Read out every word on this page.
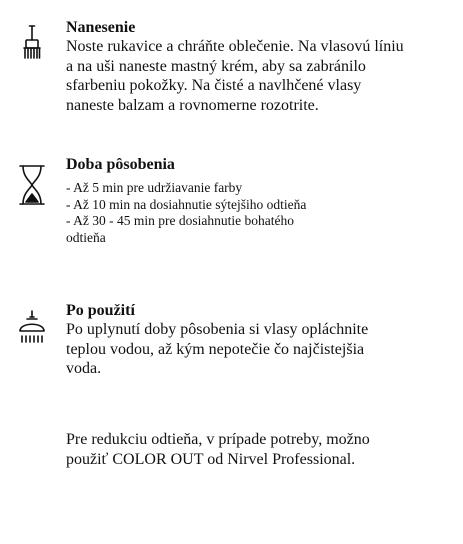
Nanesenie

Noste rukavice a chráňte oblečenie. Na vlasovú líniu

a na uši naneste mastný krém, aby sa zabránilo

sfarbeniu pokožky. Na čisté a navlhčené vlasy

naneste balzam a rovnomerne rozotrite.

Doba pôsobenia

- Až 5 min pre udržiavanie farby
- Až 10 min na dosiahnutie sýtejšiho odtieňa
- Až 30 - 45 min pre dosiahnutie bohatého
odtieňa

Po použití

Po uplynutí doby pôsobenia si vlasy opláchnite

teplou vodou, až kým nepotečie čo najčistejšia

voda.

Pre redukciu odtieňa, v prípade potreby, možno

použiť COLOR OUT od Nirvel Professional.
